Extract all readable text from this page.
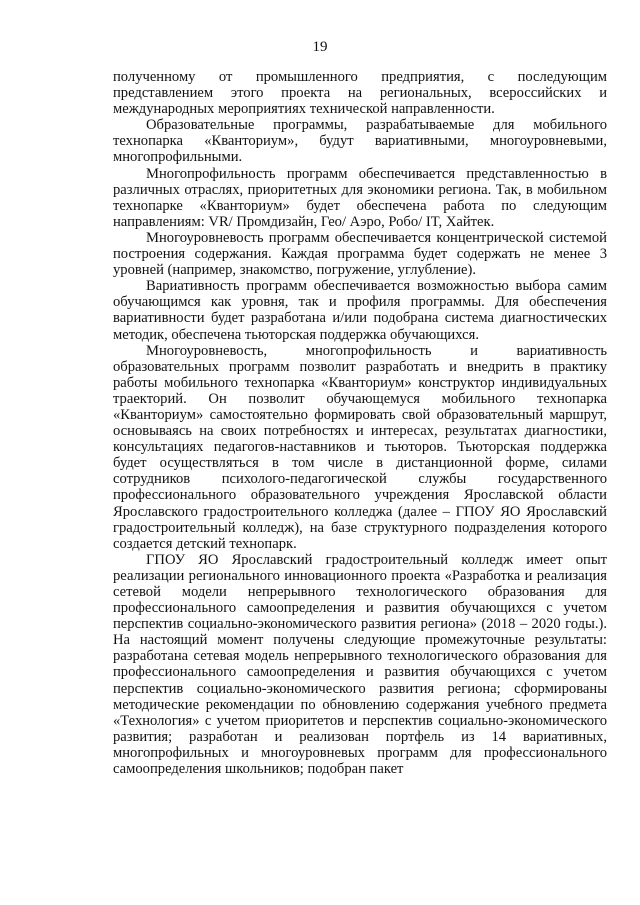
19

полученному от промышленного предприятия, с последующим представлением этого проекта на региональных, всероссийских и международных мероприятиях технической направленности.

Образовательные программы, разрабатываемые для мобильного технопарка «Кванториум», будут вариативными, многоуровневыми, многопрофильными.

Многопрофильность программ обеспечивается представленностью в различных отраслях, приоритетных для экономики региона. Так, в мобильном технопарке «Кванториум» будет обеспечена работа по следующим направлениям: VR/ Промдизайн, Гео/ Аэро, Робо/ IT, Хайтек.

Многоуровневость программ обеспечивается концентрической системой построения содержания. Каждая программа будет содержать не менее 3 уровней (например, знакомство, погружение, углубление).

Вариативность программ обеспечивается возможностью выбора самим обучающимся как уровня, так и профиля программы. Для обеспечения вариативности будет разработана и/или подобрана система диагностических методик, обеспечена тьюторская поддержка обучающихся.

Многоуровневость, многопрофильность и вариативность образовательных программ позволит разработать и внедрить в практику работы мобильного технопарка «Кванториум» конструктор индивидуальных траекторий. Он позволит обучающемуся мобильного технопарка «Кванториум» самостоятельно формировать свой образовательный маршрут, основываясь на своих потребностях и интересах, результатах диагностики, консультациях педагогов-наставников и тьюторов. Тьюторская поддержка будет осуществляться в том числе в дистанционной форме, силами сотрудников психолого-педагогической службы государственного профессионального образовательного учреждения Ярославской области Ярославского градостроительного колледжа (далее – ГПОУ ЯО Ярославский градостроительный колледж), на базе структурного подразделения которого создается детский технопарк.

ГПОУ ЯО Ярославский градостроительный колледж имеет опыт реализации регионального инновационного проекта «Разработка и реализация сетевой модели непрерывного технологического образования для профессионального самоопределения и развития обучающихся с учетом перспектив социально-экономического развития региона» (2018 – 2020 годы.). На настоящий момент получены следующие промежуточные результаты: разработана сетевая модель непрерывного технологического образования для профессионального самоопределения и развития обучающихся с учетом перспектив социально-экономического развития региона; сформированы методические рекомендации по обновлению содержания учебного предмета «Технология» с учетом приоритетов и перспектив социально-экономического развития; разработан и реализован портфель из 14 вариативных, многопрофильных и многоуровневых программ для профессионального самоопределения школьников; подобран пакет
